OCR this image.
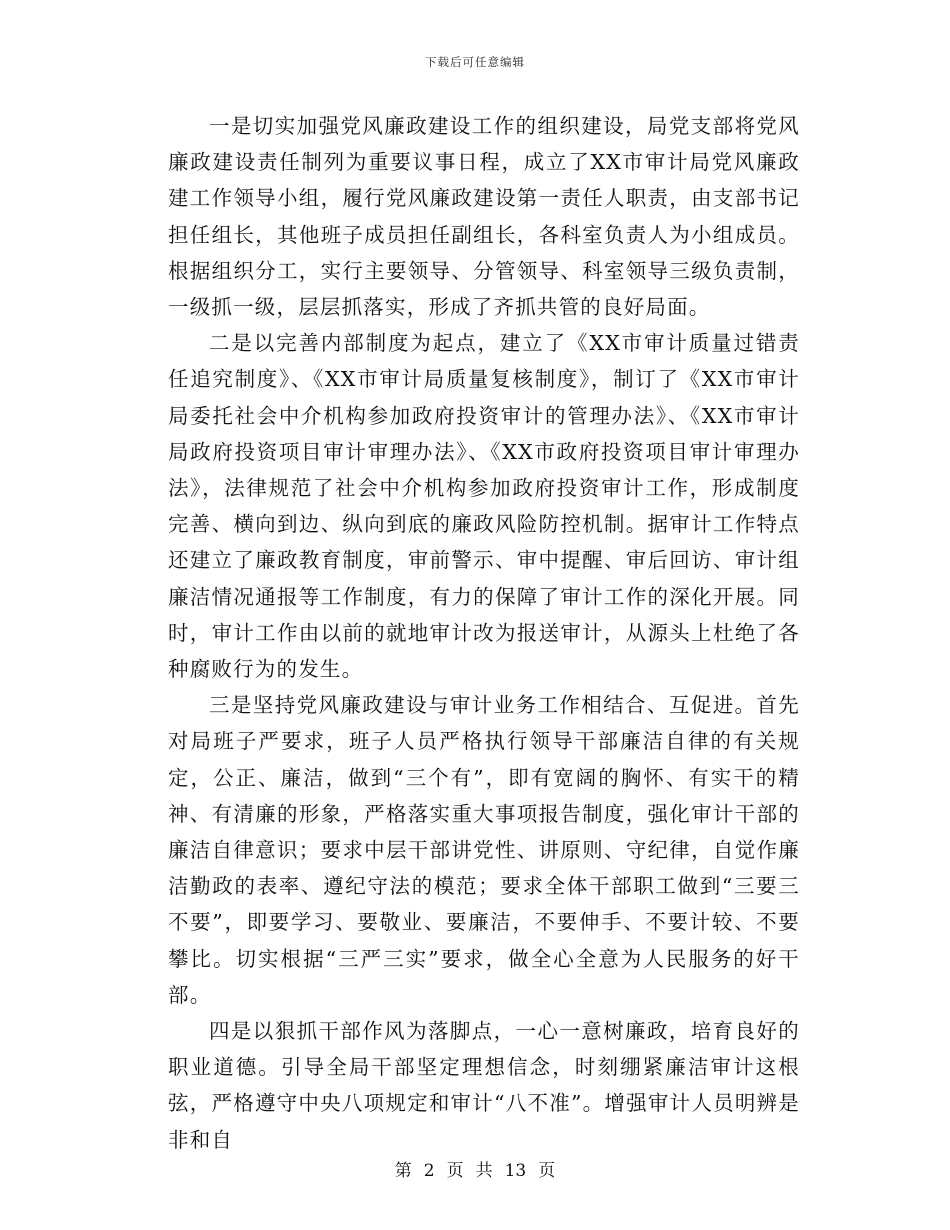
下载后可任意编辑

一是切实加强党风廉政建设工作的组织建设，局党支部将党风廉政建设责任制列为重要议事日程，成立了XX市审计局党风廉政建工作领导小组，履行党风廉政建设第一责任人职责，由支部书记担任组长，其他班子成员担任副组长，各科室负责人为小组成员。根据组织分工，实行主要领导、分管领导、科室领导三级负责制，一级抓一级，层层抓落实，形成了齐抓共管的良好局面。

二是以完善内部制度为起点，建立了《XX市审计质量过错责任追究制度》、《XX市审计局质量复核制度》，制订了《XX市审计局委托社会中介机构参加政府投资审计的管理办法》、《XX市审计局政府投资项目审计审理办法》、《XX市政府投资项目审计审理办法》，法律规范了社会中介机构参加政府投资审计工作，形成制度完善、横向到边、纵向到底的廉政风险防控机制。据审计工作特点还建立了廉政教育制度，审前警示、审中提醒、审后回访、审计组廉洁情况通报等工作制度，有力的保障了审计工作的深化开展。同时，审计工作由以前的就地审计改为报送审计，从源头上杜绝了各种腐败行为的发生。

三是坚持党风廉政建设与审计业务工作相结合、互促进。首先对局班子严要求，班子人员严格执行领导干部廉洁自律的有关规定，公正、廉洁，做到“三个有”，即有宽阔的胸怀、有实干的精神、有清廉的形象，严格落实重大事项报告制度，强化审计干部的廉洁自律意识；要求中层干部讲党性、讲原则、守纪律，自觉作廉洁勤政的表率、遵纪守法的模范；要求全体干部职工做到“三要三不要”，即要学习、要敬业、要廉洁，不要伸手、不要计较、不要攀比。切实根据“三严三实”要求，做全心全意为人民服务的好干部。

四是以狠抓干部作风为落脚点，一心一意树廉政，培育良好的职业道德。引导全局干部坚定理想信念，时刻绷紧廉洁审计这根弦，严格遵守中央八项规定和审计“八不准”。增强审计人员明辨是非和自

第 2 页 共 13 页
